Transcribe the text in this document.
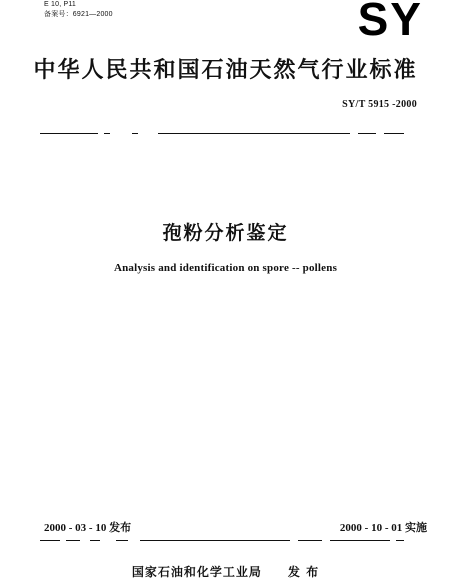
E 10, P11
备案号：6921—2000	SY
中华人民共和国石油天然气行业标准
SY/T 5915 -2000
孢粉分析鉴定
Analysis and identification on spore -- pollens
2000 - 03 - 10 发布	2000 - 10 - 01 实施
国家石油和化学工业局 发 布
